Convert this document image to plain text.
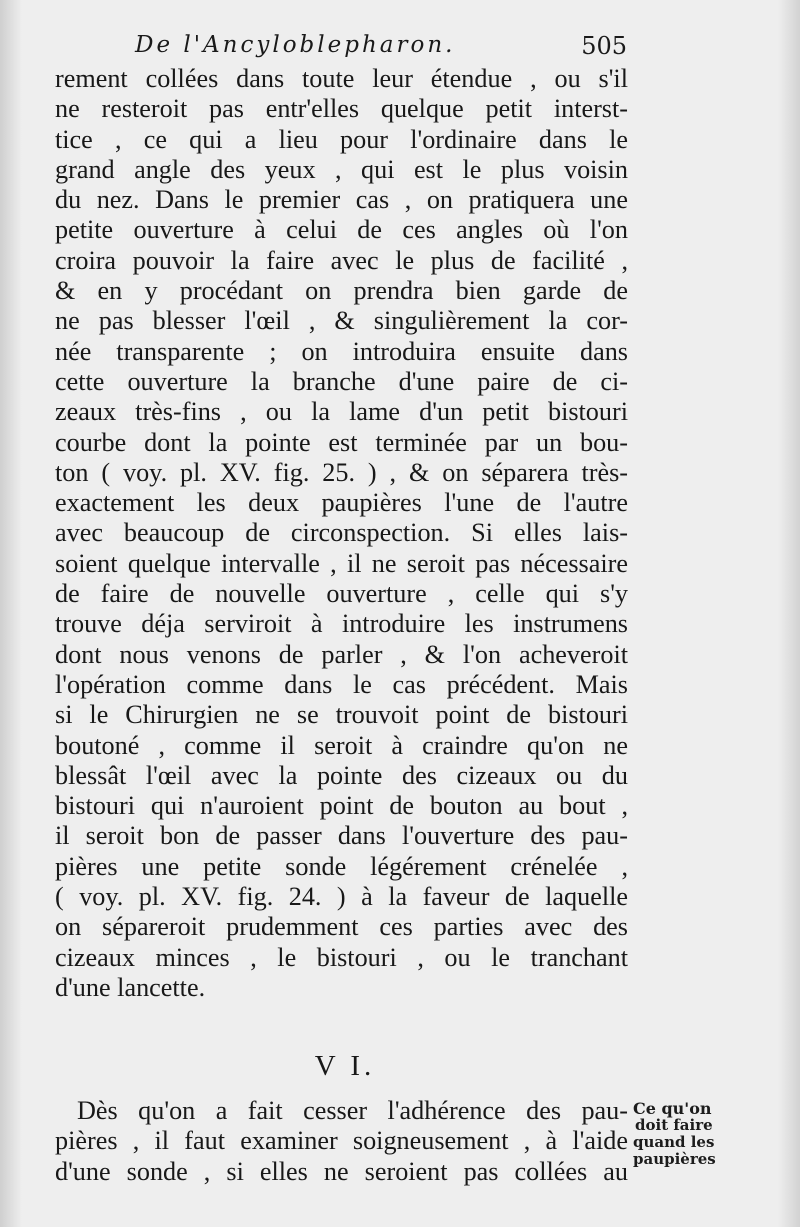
De l'Ancyloblepharon.	505
rement collées dans toute leur étendue , ou s'il
ne resteroit pas entr'elles quelque petit interst-
tice , ce qui a lieu pour l'ordinaire dans le
grand angle des yeux , qui est le plus voisin
du nez. Dans le premier cas , on pratiquera une
petite ouverture à celui de ces angles où l'on
croira pouvoir la faire avec le plus de facilité ,
& en y procédant on prendra bien garde de
ne pas blesser l'œil , & singulièrement la cor-
née transparente ; on introduira ensuite dans
cette ouverture la branche d'une paire de ci-
zeaux très-fins , ou la lame d'un petit bistouri
courbe dont la pointe est terminée par un bou-
ton ( voy. pl. XV. fig. 25. ) , & on séparera très-
exactement les deux paupières l'une de l'autre
avec beaucoup de circonspection. Si elles lais-
soient quelque intervalle , il ne seroit pas nécessaire
de faire de nouvelle ouverture , celle qui s'y
trouve déja serviroit à introduire les instrumens
dont nous venons de parler , & l'on acheveroit
l'opération comme dans le cas précédent. Mais
si le Chirurgien ne se trouvoit point de bistouri
boutoné , comme il seroit à craindre qu'on ne
blessât l'œil avec la pointe des cizeaux ou du
bistouri qui n'auroient point de bouton au bout ,
il seroit bon de passer dans l'ouverture des pau-
pières une petite sonde légérement crénelée ,
( voy. pl. XV. fig. 24. ) à la faveur de laquelle
on sépareroit prudemment ces parties avec des
cizeaux minces , le bistouri , ou le tranchant
d'une lancette.
V I.
Dès qu'on a fait cesser l'adhérence des pau-
pières , il faut examiner soigneusement , à l'aide
d'une sonde , si elles ne seroient pas collées au
Ce qu'on
doit faire
quand les
paupières
